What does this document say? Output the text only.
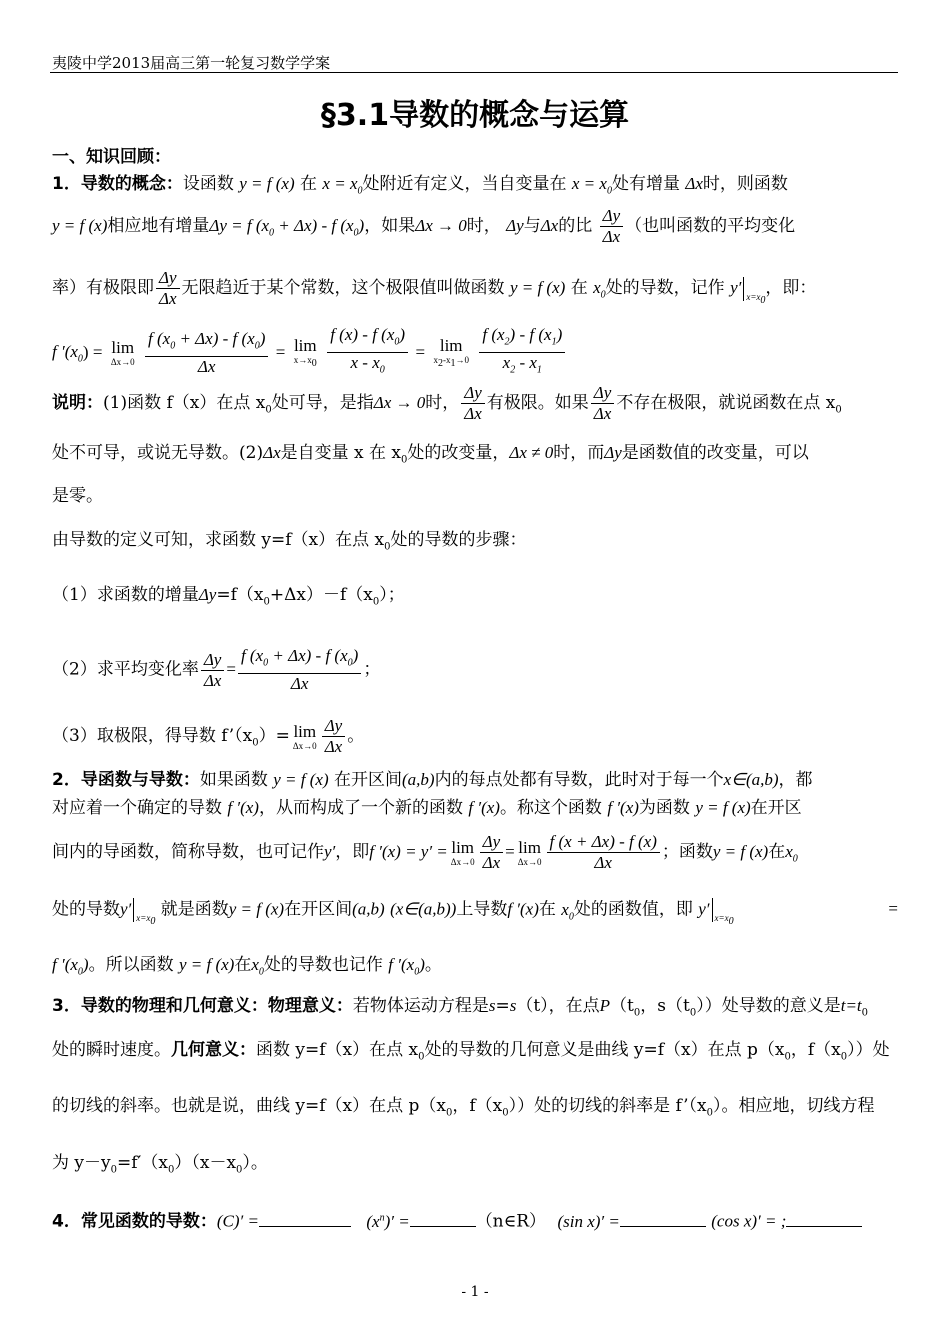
夷陵中学2013届高三第一轮复习数学学案
§3.1导数的概念与运算
一、知识回顾：
1．导数的概念：设函数 y = f (x) 在 $x = x_0$处附近有定义，当自变量在 $x = x_0$处有增量 Δx时，则函数
y = f (x)相应地有增量Δy = f $(x_0 + \Delta x) - f$ $(x_0)$，如果Δx → 0时， Δy与Δx的比 $\frac{\Delta y}{\Delta x}$ （也叫函数的平均变化
率）有极限即 $\frac{\Delta y}{\Delta x}$ 无限趋近于某个常数，这个极限值叫做函数 y = f (x) 在 $x_0$处的导数，记作 y′ $x=x_0$，即：
f $'(x_0) = \lim$
Δx→0
$\frac{f (x_0 + \Delta x) - f (x_0)}{\Delta x} = \lim$
$x\to x_0$
$\frac{f (x) - f (x_0)}{x - x_0} = \lim$
$x_2-x_1\to 0$
$\frac{f (x_2) - f (x_1)}{x_2 - x_1}$
说明：(1)函数 f（x）在点 $x_0$处可导，是指Δx → 0时， $\frac{\Delta y}{\Delta x}$ 有极限。如果 $\frac{\Delta y}{\Delta x}$ 不存在极限，就说函数在点 $x_0$
处不可导，或说无导数。(2)Δx是自变量 x 在 $x_0$处的改变量，Δx ≠ 0时，而Δy是函数值的改变量，可以
是零。
由导数的定义可知，求函数 y=f（x）在点 $x_0$处的导数的步骤：
（1）求函数的增量$\Delta y=f(x_0+\Delta x)-f(x_0)$；
（2）求平均变化率 $\frac{\Delta y}{\Delta x} = \frac{f (x_0 + \Delta x) - f (x_0)}{\Delta x}$ ；
（3）取极限，得导数 $f’(x_0)= \lim$
$\Delta x\to 0 \frac{\Delta y}{\Delta x}$ 。
2．导函数与导数：如果函数 y = f (x) 在开区间(a,b)内的每点处都有导数，此时对于每一个x∈(a,b)，都
对应着一个确定的导数 f ′(x)，从而构成了一个新的函数 f ′(x)。称这个函数 f ′(x)为函数 y = f (x)在开区
间内的导函数，简称导数，也可记作y′，即f ′(x) = y′ = lim
$\Delta x\to 0 \frac{\Delta y}{\Delta x} = \lim$
$\Delta x\to 0 \frac{f (x + \Delta x) - f (x)}{\Delta x}$ ；函数y = f (x)在$x_0$
处的导数y′ $x=x_0$ 就是函数y = f (x)在开区间(a,b) (x∈(a,b))上导数f ′(x)在 $x_0$处的函数值，即 y′ $x=x_0$
=
f $'(x_0)$。所以函数 y = f (x)在$x_0$处的导数也记作 f $'(x_0)$。
3．导数的物理和几何意义：物理意义：若物体运动方程是s=s（t），在点$P(t_0$，$s(t_0)$）处导数的意义是$t=t_0$
处的瞬时速度。几何意义：函数 y=f（x）在点 $x_0$处的导数的几何意义是曲线 y=f（x）在点 $p(x_0$，$f(x_0)$）处
的切线的斜率。也就是说，曲线 y=f（x）在点 $p(x_0$，$f(x_0)$）处的切线的斜率是 $f’(x_0)$。相应地，切线方程
为 $y-y_0=f'(x_0)(x-x_0)$。
4．常见函数的导数：(C)′ =	$(x^n)'$ =	（n∈R） (sin x)′ =	(cos x)′ = ;
- 1 -
